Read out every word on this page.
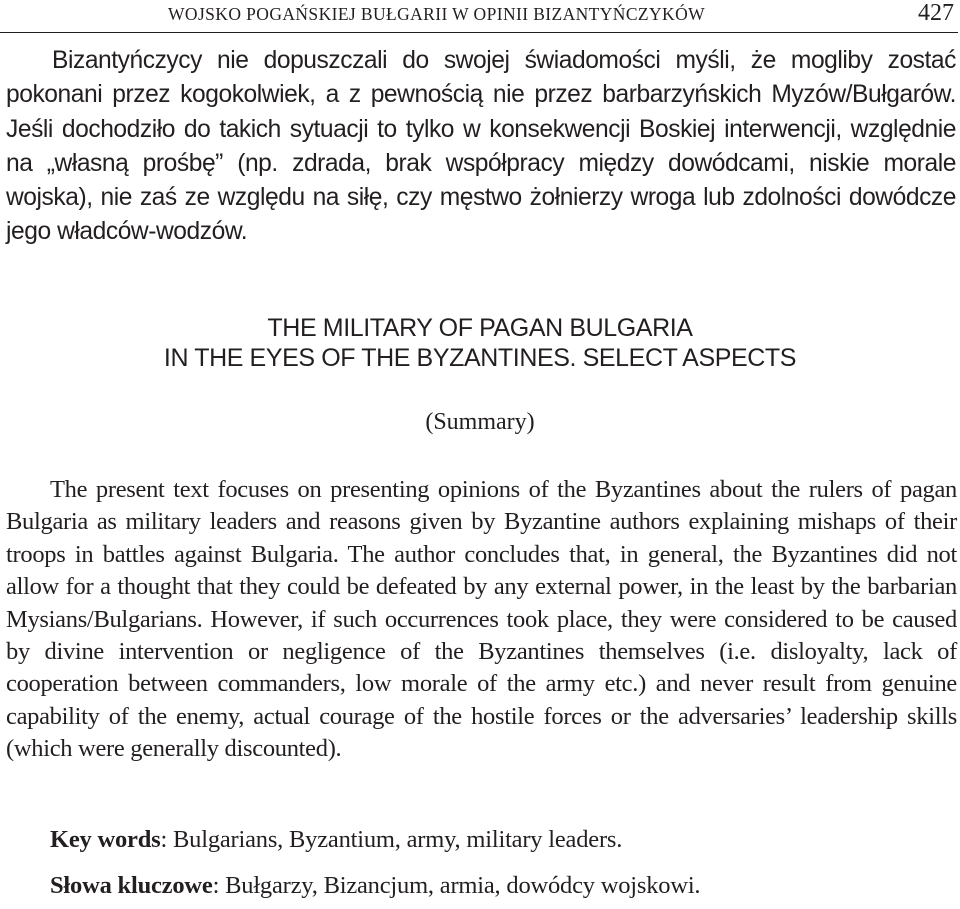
WOJSKO POGAŃSKIEJ BUŁGARII W OPINII BIZANTYŃCZYKÓW	427

Bizantyńczycy nie dopuszczali do swojej świadomości myśli, że mogliby zostać pokonani przez kogokolwiek, a z pewnością nie przez barbarzyńskich Myzów/Bułgarów. Jeśli dochodziło do takich sytuacji to tylko w konsekwencji Boskiej interwencji, względnie na „własną prośbę” (np. zdrada, brak współpracy między dowódcami, niskie morale wojska), nie zaś ze względu na siłę, czy męstwo żołnierzy wroga lub zdolności dowódcze jego władców-wodzów.

THE MILITARY OF PAGAN BULGARIA
IN THE EYES OF THE BYZANTINES. SELECT ASPECTS
(Summary)

The present text focuses on presenting opinions of the Byzantines about the rulers of pagan Bulgaria as military leaders and reasons given by Byzantine authors explaining mishaps of their troops in battles against Bulgaria. The author concludes that, in general, the Byzantines did not allow for a thought that they could be defeated by any external power, in the least by the barbarian Mysians/Bulgarians. However, if such occurrences took place, they were considered to be caused by divine intervention or negligence of the Byzantines themselves (i.e. disloyalty, lack of cooperation between commanders, low morale of the army etc.) and never result from genuine capability of the enemy, actual courage of the hostile forces or the adversaries’ leadership skills (which were generally discounted).

Key words: Bulgarians, Byzantium, army, military leaders.
Słowa kluczowe: Bułgarzy, Bizancjum, armia, dowódcy wojskowi.
